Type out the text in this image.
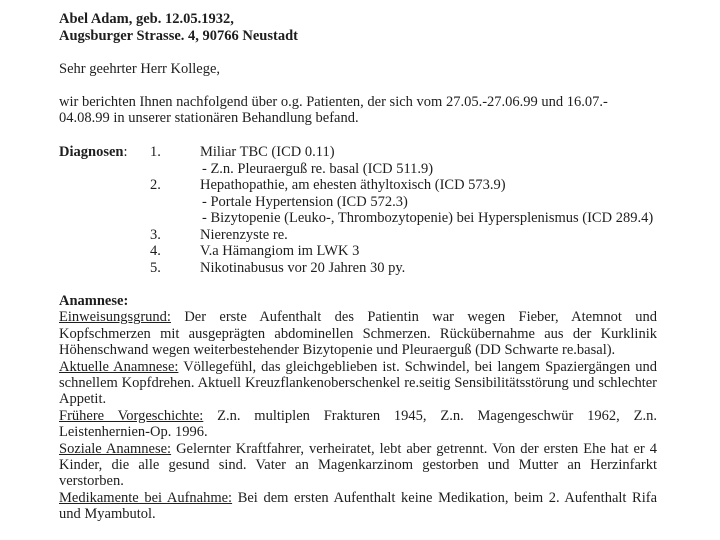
Abel Adam, geb. 12.05.1932,
Augsburger Strasse. 4, 90766 Neustadt
Sehr geehrter Herr Kollege,
wir berichten Ihnen nachfolgend über o.g. Patienten, der sich vom 27.05.-27.06.99 und 16.07.-
04.08.99 in unserer stationären Behandlung befand.
Diagnosen: 1.	Miliar TBC (ICD 0.11)
- Z.n. Pleuraerguß re. basal (ICD 511.9)
2.	Hepathopathie, am ehesten äthyltoxisch (ICD 573.9)
- Portale Hypertension (ICD 572.3)
- Bizytopenie (Leuko-, Thrombozytopenie) bei Hypersplenismus (ICD 289.4)
3.	Nierenzyste re.
4.	V.a Hämangiom im LWK 3
5.	Nikotinabusus vor 20 Jahren 30 py.
Anamnese:
Einweisungsgrund: Der erste Aufenthalt des Patientin war wegen Fieber, Atemnot und
Kopfschmerzen mit ausgeprägten abdominellen Schmerzen. Rückübernahme aus der Kurklinik
Höhenschwand wegen weiterbestehender Bizytopenie und Pleuraerguß (DD Schwarte re.basal).
Aktuelle Anamnese: Völlegefühl, das gleichgeblieben ist. Schwindel, bei langem Spaziergängen und
schnellem Kopfdrehen. Aktuell Kreuzflankenoberschenkel re.seitig Sensibilitätsstörung und schlechter
Appetit.
Frühere Vorgeschichte: Z.n. multiplen Frakturen 1945, Z.n. Magengeschwür 1962, Z.n.
Leistenhernien-Op. 1996.
Soziale Anamnese: Gelernter Kraftfahrer, verheiratet, lebt aber getrennt. Von der ersten Ehe hat er 4
Kinder, die alle gesund sind. Vater an Magenkarzinom gestorben und Mutter an Herzinfarkt
verstorben.
Medikamente bei Aufnahme: Bei dem ersten Aufenthalt keine Medikation, beim 2. Aufenthalt Rifa
und Myambutol.
